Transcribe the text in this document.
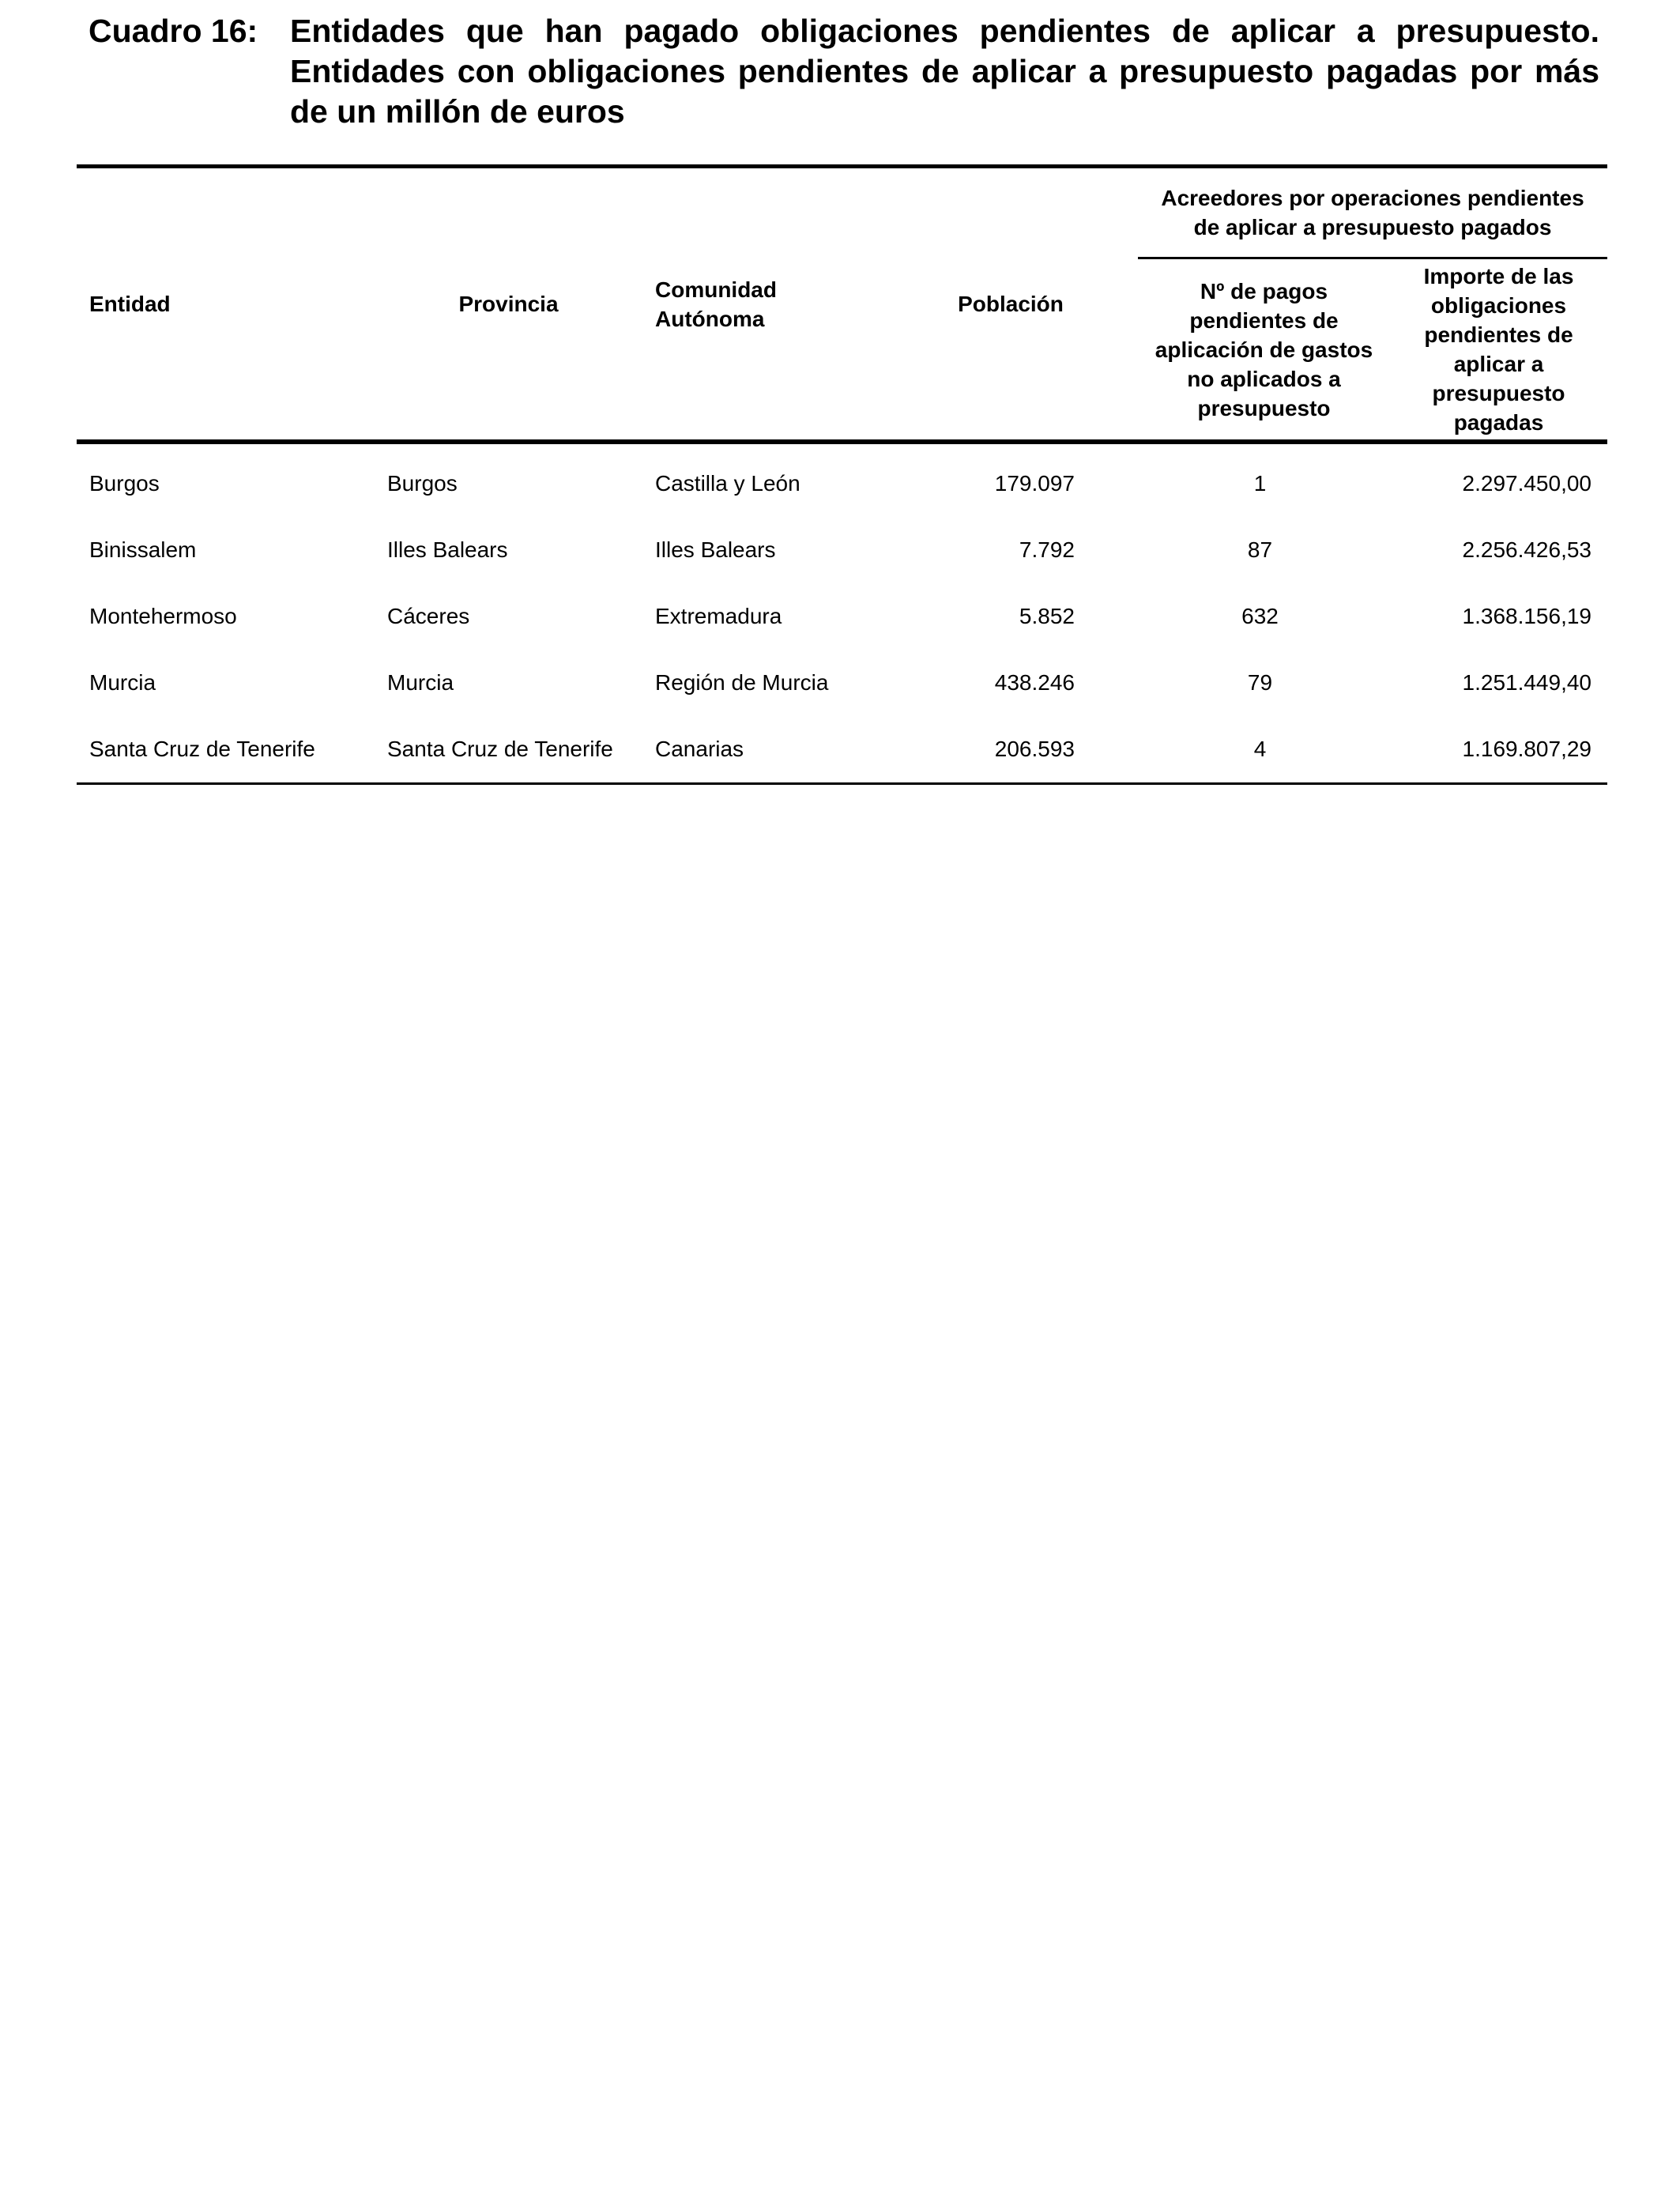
Cuadro 16: Entidades que han pagado obligaciones pendientes de aplicar a presupuesto. Entidades con obligaciones pendientes de aplicar a presupuesto pagadas por más de un millón de euros
Entidad	Provincia	Comunidad Autónoma	Población	Acreedores por operaciones pendientes de aplicar a presupuesto pagados	
				Nº de pagos pendientes de aplicación de gastos no aplicados a presupuesto	Importe de las obligaciones pendientes de aplicar a presupuesto pagadas
Burgos	Burgos	Castilla y León	179.097	1	2.297.450,00
Binissalem	Illes Balears	Illes Balears	7.792	87	2.256.426,53
Montehermoso	Cáceres	Extremadura	5.852	632	1.368.156,19
Murcia	Murcia	Región de Murcia	438.246	79	1.251.449,40
Santa Cruz de Tenerife	Santa Cruz de Tenerife	Canarias	206.593	4	1.169.807,29
